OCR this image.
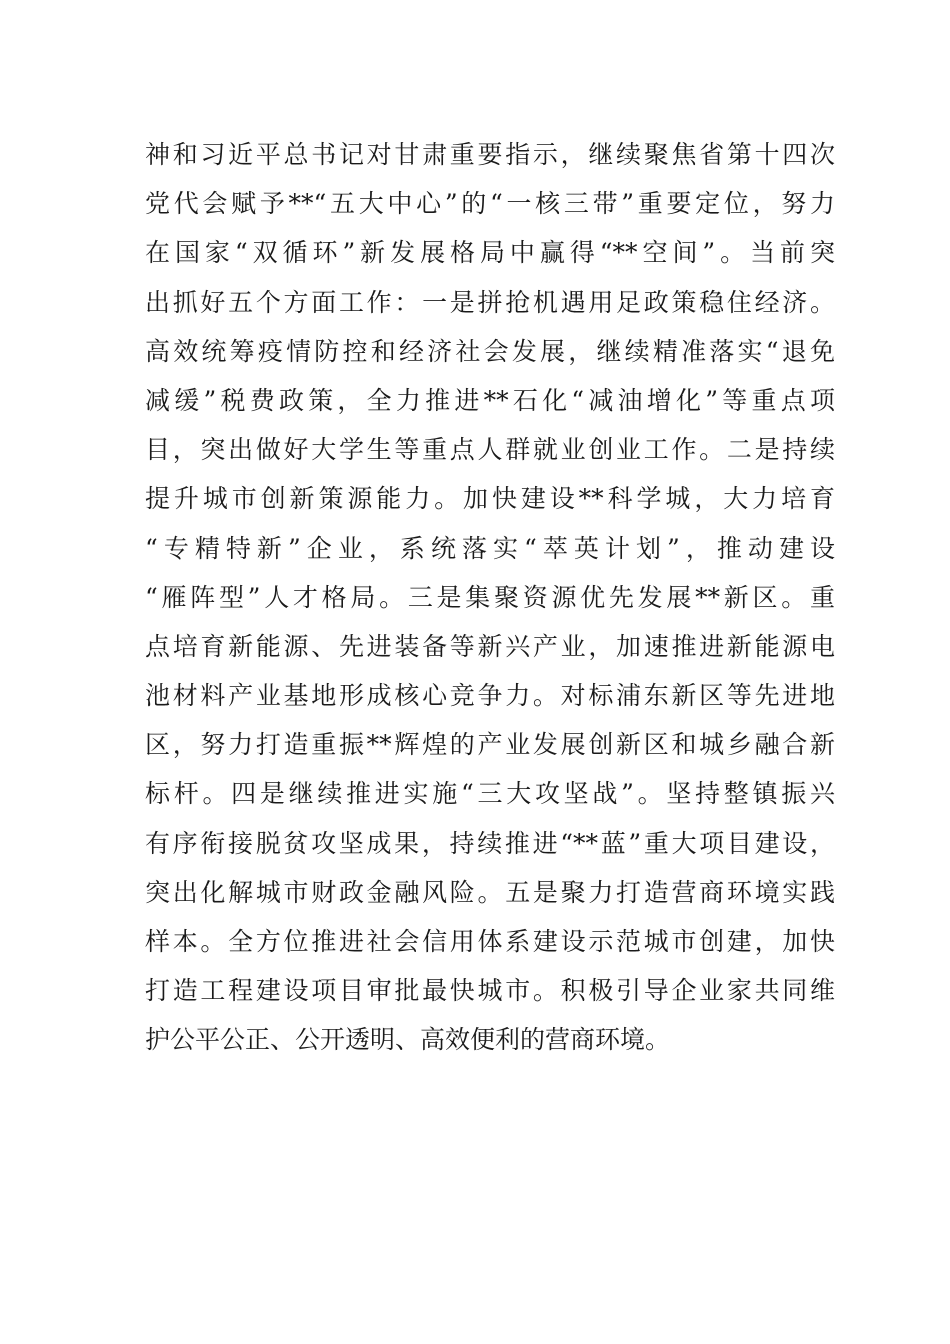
神和习近平总书记对甘肃重要指示，继续聚焦省第十四次
党代会赋予**“五大中心”的“一核三带”重要定位，努力
在国家“双循环”新发展格局中赢得“**空间”。当前突
出抓好五个方面工作：一是拼抢机遇用足政策稳住经济。
高效统筹疫情防控和经济社会发展，继续精准落实“退免
减缓”税费政策，全力推进**石化“减油增化”等重点项
目，突出做好大学生等重点人群就业创业工作。二是持续
提升城市创新策源能力。加快建设**科学城，大力培育
“专精特新”企业，系统落实“萃英计划”，推动建设
“雁阵型”人才格局。三是集聚资源优先发展**新区。重
点培育新能源、先进装备等新兴产业，加速推进新能源电
池材料产业基地形成核心竞争力。对标浦东新区等先进地
区，努力打造重振**辉煌的产业发展创新区和城乡融合新
标杆。四是继续推进实施“三大攻坚战”。坚持整镇振兴
有序衔接脱贫攻坚成果，持续推进“**蓝”重大项目建设，
突出化解城市财政金融风险。五是聚力打造营商环境实践
样本。全方位推进社会信用体系建设示范城市创建，加快
打造工程建设项目审批最快城市。积极引导企业家共同维
护公平公正、公开透明、高效便利的营商环境。
